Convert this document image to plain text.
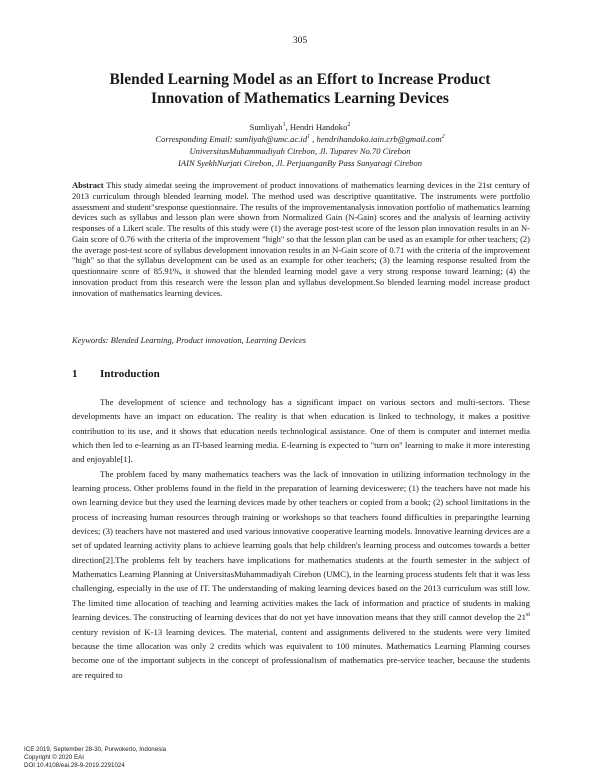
305
Blended Learning Model as an Effort to Increase Product
Innovation of Mathematics Learning Devices
Sumliyah$^1$, Hendri Handoko$^2$
Corresponding Email: $sumliyah@umc.ac.id^1$ , hendrihandoko.iain.crb@gmail.com$^2$
UniversitasMuhammadiyah Cirebon, Jl. Tuparev No.70 Cirebon
IAIN SyekhNurjati Cirebon, Jl. PerjuanganBy Pass Sunyaragi Cirebon

Abstract This study aimedat seeing the improvement of product innovations of mathematics learning devices in the 21st century of 2013 curriculum through blended learning model. The method used was descriptive quantitative. The instruments were portfolio assessment and student"sresponse questionnaire. The results of the improvementanalysis innovation portfolio of mathematics learning devices such as syllabus and lesson plan were shown from Normalized Gain (N-Gain) scores and the analysis of learning activity responses of a Likert scale. The results of this study were (1) the average post-test score of the lesson plan innovation results in an N-Gain score of 0.76 with the criteria of the improvement "high" so that the lesson plan can be used as an example for other teachers; (2) the average post-test score of syllabus development innovation results in an N-Gain score of 0.71 with the criteria of the improvement "high" so that the syllabus development can be used as an example for other teachers; (3) the learning response resulted from the questionnaire score of 85.91%, it showed that the blended learning model gave a very strong response toward learning; (4) the innovation product from this research were the lesson plan and syllabus development.So blended learning model increase product innovation of mathematics learning devices.

Keywords: Blended Learning, Product innovation, Learning Devices

1 Introduction

The development of science and technology has a significant impact on various sectors and multi-sectors. These developments have an impact on education. The reality is that when education is linked to technology, it makes a positive contribution to its use, and it shows that education needs technological assistance. One of them is computer and internet media which then led to e-learning as an IT-based learning media. E-learning is expected to "turn on" learning to make it more interesting and enjoyable[1].

The problem faced by many mathematics teachers was the lack of innovation in utilizing information technology in the learning process. Other problems found in the field in the preparation of learning deviceswere; (1) the teachers have not made his own learning device but they used the learning devices made by other teachers or copied from a book; (2) school limitations in the process of increasing human resources through training or workshops so that teachers found difficulties in preparingthe learning devices; (3) teachers have not mastered and used various innovative cooperative learning models. Innovative learning devices are a set of updated learning activity plans to achieve learning goals that help children's learning process and outcomes towards a better direction[2].The problems felt by teachers have implications for mathematics students at the fourth semester in the subject of Mathematics Learning Planning at UniversitasMuhammadiyah Cirebon (UMC), in the learning process students felt that it was less challenging, especially in the use of IT. The understanding of making learning devices based on the 2013 curriculum was still low. The limited time allocation of teaching and learning activities makes the lack of information and practice of students in making learning devices. The constructing of learning devices that do not yet have innovation means that they still cannot develop the 21st century revision of K-13 learning devices. The material, content and assignments delivered to the students were very limited because the time allocation was only 2 credits which was equivalent to 100 minutes. Mathematics Learning Planning courses become one of the important subjects in the concept of professionalism of mathematics pre-service teacher, because the students are required to

ICE 2019, September 28-30, Purwokerto, Indonesia
Copyright © 2020 EAI
DOI 10.4108/eai.28-9-2019.2291024
